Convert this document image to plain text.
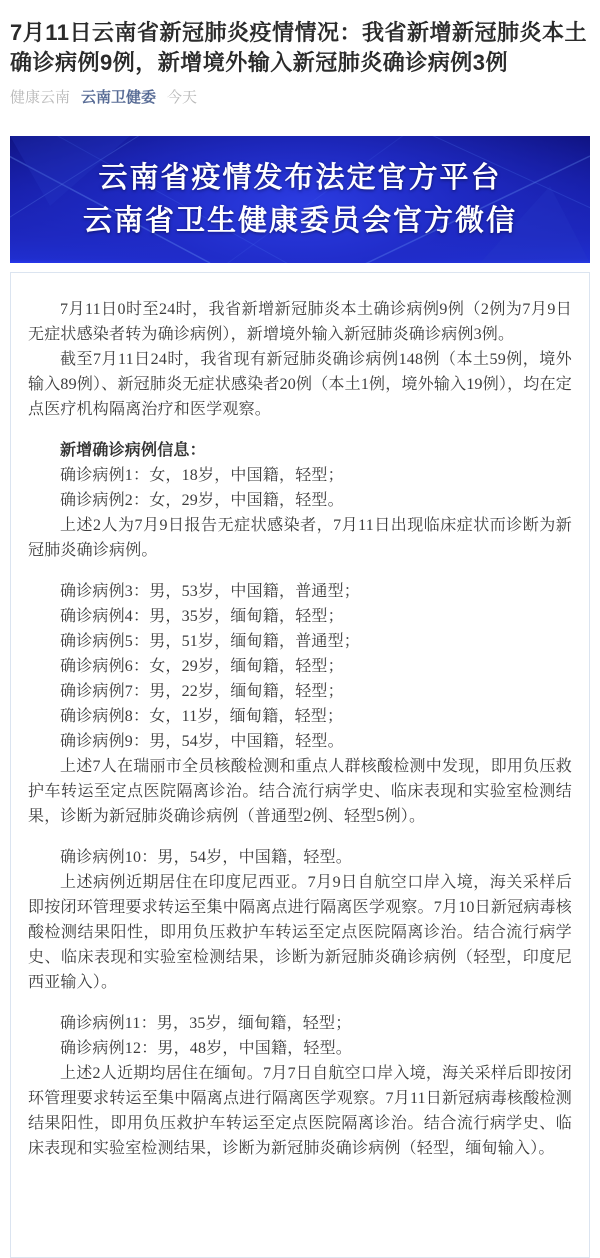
7月11日云南省新冠肺炎疫情情况：我省新增新冠肺炎本土确诊病例9例，新增境外输入新冠肺炎确诊病例3例
健康云南 云南卫健委 今天
云南省疫情发布法定官方平台
云南省卫生健康委员会官方微信

7月11日0时至24时，我省新增新冠肺炎本土确诊病例9例（2例为7月9日无症状感染者转为确诊病例），新增境外输入新冠肺炎确诊病例3例。

截至7月11日24时，我省现有新冠肺炎确诊病例148例（本土59例，境外输入89例）、新冠肺炎无症状感染者20例（本土1例，境外输入19例），均在定点医疗机构隔离治疗和医学观察。

新增确诊病例信息：

确诊病例1：女，18岁，中国籍，轻型；

确诊病例2：女，29岁，中国籍，轻型。

上述2人为7月9日报告无症状感染者，7月11日出现临床症状而诊断为新冠肺炎确诊病例。

确诊病例3：男，53岁，中国籍，普通型；

确诊病例4：男，35岁，缅甸籍，轻型；

确诊病例5：男，51岁，缅甸籍，普通型；

确诊病例6：女，29岁，缅甸籍，轻型；

确诊病例7：男，22岁，缅甸籍，轻型；

确诊病例8：女，11岁，缅甸籍，轻型；

确诊病例9：男，54岁，中国籍，轻型。

上述7人在瑞丽市全员核酸检测和重点人群核酸检测中发现，即用负压救护车转运至定点医院隔离诊治。结合流行病学史、临床表现和实验室检测结果，诊断为新冠肺炎确诊病例（普通型2例、轻型5例）。

确诊病例10：男，54岁，中国籍，轻型。

上述病例近期居住在印度尼西亚。7月9日自航空口岸入境，海关采样后即按闭环管理要求转运至集中隔离点进行隔离医学观察。7月10日新冠病毒核酸检测结果阳性，即用负压救护车转运至定点医院隔离诊治。结合流行病学史、临床表现和实验室检测结果，诊断为新冠肺炎确诊病例（轻型，印度尼西亚输入）。

确诊病例11：男，35岁，缅甸籍，轻型；

确诊病例12：男，48岁，中国籍，轻型。

上述2人近期均居住在缅甸。7月7日自航空口岸入境，海关采样后即按闭环管理要求转运至集中隔离点进行隔离医学观察。7月11日新冠病毒核酸检测结果阳性，即用负压救护车转运至定点医院隔离诊治。结合流行病学史、临床表现和实验室检测结果，诊断为新冠肺炎确诊病例（轻型，缅甸输入）。
